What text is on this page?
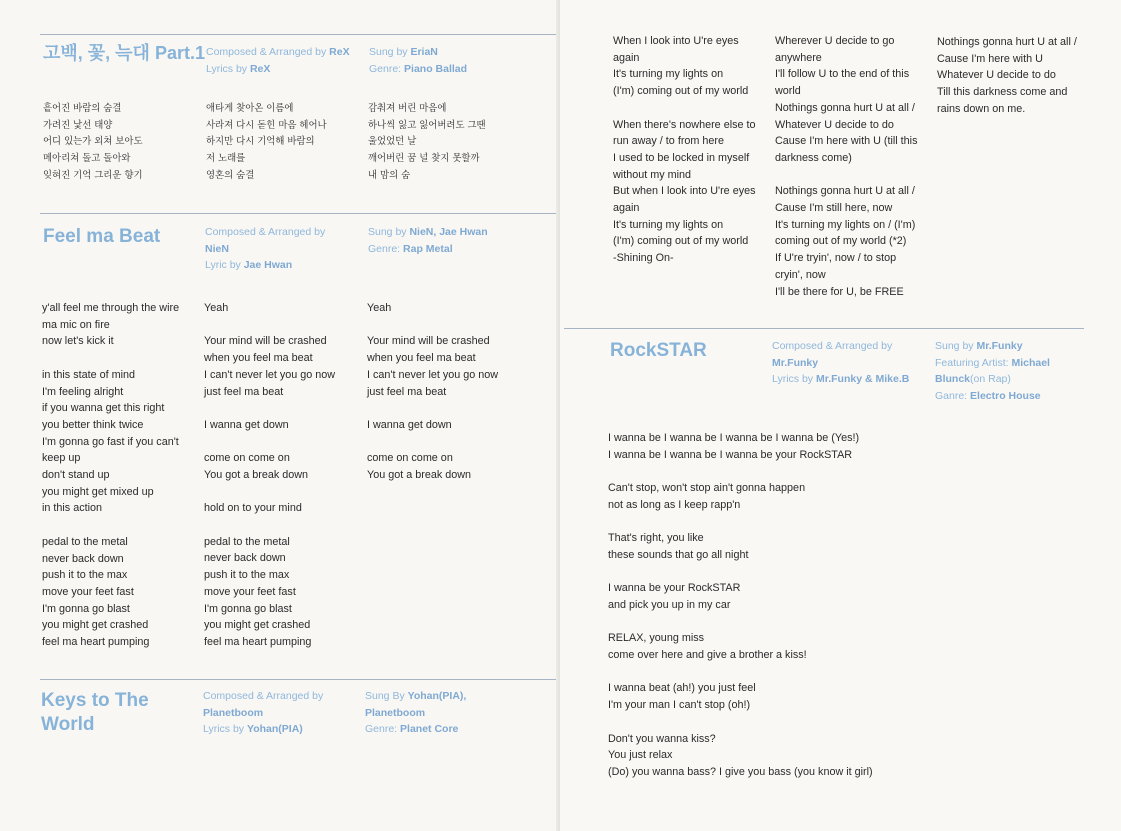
고백, 꽃, 늑대 Part.1 Composed & Arranged by ReX
Lyrics by ReX
Sung by EriaN
Genre: Piano Ballad
흩어진 바람의 숨결
가려진 낯선 태양
어디 있는가 외쳐 보아도
메아리쳐 돌고 돌아와
잊혀진 기억 그리운 향기
애타게 찾아온 이름에
사라져 다시 돋힌 마음 헤어나
하지만 다시 기억해 바람의
저 노래를
영혼의 숨결
감춰져 버린 마음에
하나씩 잃고 잃어버려도 그땐
울었었던 날
깨어버린 꿈 널 찾지 못할까
내 맘의 숨
Feel ma Beat	Composed & Arranged by
NieN
Lyric by Jae Hwan
Sung by NieN, Jae Hwan
Genre: Rap Metal
y'all feel me through the wire
ma mic on fire
now let's kick it
in this state of mind
I'm feeling alright
if you wanna get this right
you better think twice
I'm gonna go fast if you can't
keep up
don't stand up
you might get mixed up
in this action
pedal to the metal
never back down
push it to the max
move your feet fast
I'm gonna go blast
you might get crashed
feel ma heart pumping
Yeah
Your mind will be crashed
when you feel ma beat
I can't never let you go now
just feel ma beat
I wanna get down
come on come on
You got a break down
hold on to your mind
pedal to the metal
never back down
push it to the max
move your feet fast
I'm gonna go blast
you might get crashed
feel ma heart pumping
Yeah
Your mind will be crashed
when you feel ma beat
I can't never let you go now
just feel ma beat
I wanna get down
come on come on
You got a break down
Keys to The
World
Composed & Arranged by
Planetboom
Lyrics by Yohan(PIA)
Sung By Yohan(PIA),
Planetboom
Genre: Planet Core
When I look into U're eyes
again
It's turning my lights on
(I'm) coming out of my world
When there's nowhere else to
run away / to from here
I used to be locked in myself
without my mind
But when I look into U're eyes
again
It's turning my lights on
(I'm) coming out of my world
-Shining On-
Wherever U decide to go
anywhere
I'll follow U to the end of this
world
Nothings gonna hurt U at all /
Whatever U decide to do
Cause I'm here with U (till this
darkness come)
Nothings gonna hurt U at all /
Cause I'm still here, now
It's turning my lights on / (I'm)
coming out of my world (*2)
If U're tryin', now / to stop
cryin', now
I'll be there for U, be FREE
Nothings gonna hurt U at all /
Cause I'm here with U
Whatever U decide to do
Till this darkness come and
rains down on me.
RockSTAR	Composed & Arranged by
Mr.Funky
Lyrics by Mr.Funky & Mike.B
Sung by Mr.Funky
Featuring Artist: Michael
Blunck(on Rap)
Ganre: Electro House
I wanna be I wanna be I wanna be I wanna be (Yes!)
I wanna be I wanna be I wanna be your RockSTAR
Can't stop, won't stop ain't gonna happen
not as long as I keep rapp'n
That's right, you like
these sounds that go all night
I wanna be your RockSTAR
and pick you up in my car
RELAX, young miss
come over here and give a brother a kiss!
I wanna beat (ah!) you just feel
I'm your man I can't stop (oh!)
Don't you wanna kiss?
You just relax
(Do) you wanna bass? I give you bass (you know it girl)
